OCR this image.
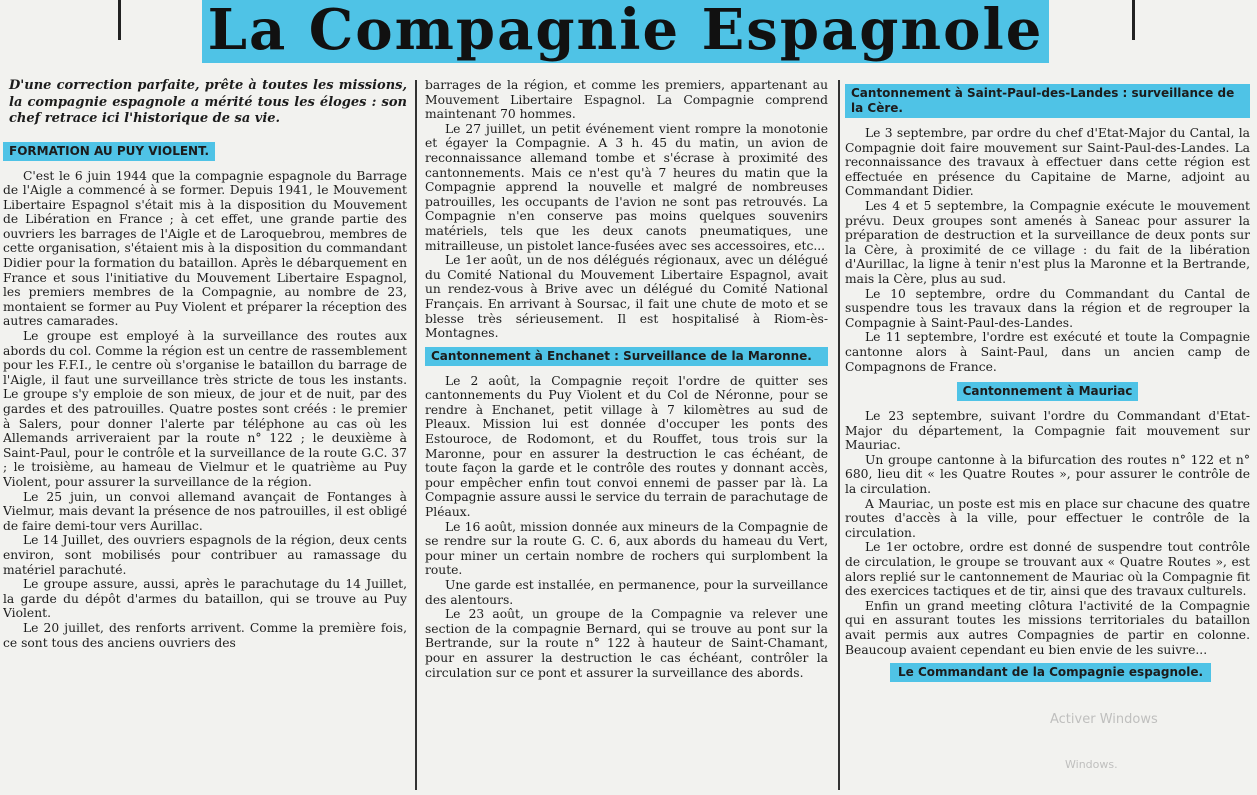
La Compagnie Espagnole

D'une correction parfaite, prête à toutes les missions, la compagnie espagnole a mérité tous les éloges : son chef retrace ici l'historique de sa vie.

FORMATION AU PUY VIOLENT.

C'est le 6 juin 1944 que la compagnie espagnole du Barrage de l'Aigle a commencé à se former. Depuis 1941, le Mouvement Libertaire Espagnol s'était mis à la disposition du Mouvement de Libération en France ; à cet effet, une grande partie des ouvriers les barrages de l'Aigle et de Laroquebrou, membres de cette organisation, s'étaient mis à la disposition du commandant Didier pour la formation du bataillon. Après le débarquement en France et sous l'initiative du Mouvement Libertaire Espagnol, les premiers membres de la Compagnie, au nombre de 23, montaient se former au Puy Violent et préparer la réception des autres camarades.

Le groupe est employé à la surveillance des routes aux abords du col. Comme la région est un centre de rassemblement pour les F.F.I., le centre où s'organise le bataillon du barrage de l'Aigle, il faut une surveillance très stricte de tous les instants. Le groupe s'y emploie de son mieux, de jour et de nuit, par des gardes et des patrouilles. Quatre postes sont créés : le premier à Salers, pour donner l'alerte par téléphone au cas où les Allemands arriveraient par la route n° 122 ; le deuxième à Saint-Paul, pour le contrôle et la surveillance de la route G.C. 37 ; le troisième, au hameau de Vielmur et le quatrième au Puy Violent, pour assurer la surveillance de la région.

Le 25 juin, un convoi allemand avançait de Fontanges à Vielmur, mais devant la présence de nos patrouilles, il est obligé de faire demi-tour vers Aurillac.

Le 14 Juillet, des ouvriers espagnols de la région, deux cents environ, sont mobilisés pour contribuer au ramassage du matériel parachuté.

Le groupe assure, aussi, après le parachutage du 14 Juillet, la garde du dépôt d'armes du bataillon, qui se trouve au Puy Violent.

Le 20 juillet, des renforts arrivent. Comme la première fois, ce sont tous des anciens ouvriers des

barrages de la région, et comme les premiers, appartenant au Mouvement Libertaire Espagnol. La Compagnie comprend maintenant 70 hommes.

Le 27 juillet, un petit événement vient rompre la monotonie et égayer la Compagnie. A 3 h. 45 du matin, un avion de reconnaissance allemand tombe et s'écrase à proximité des cantonnements. Mais ce n'est qu'à 7 heures du matin que la Compagnie apprend la nouvelle et malgré de nombreuses patrouilles, les occupants de l'avion ne sont pas retrouvés. La Compagnie n'en conserve pas moins quelques souvenirs matériels, tels que les deux canots pneumatiques, une mitrailleuse, un pistolet lance-fusées avec ses accessoires, etc...

Le 1er août, un de nos délégués régionaux, avec un délégué du Comité National du Mouvement Libertaire Espagnol, avait un rendez-vous à Brive avec un délégué du Comité National Français. En arrivant à Soursac, il fait une chute de moto et se blesse très sérieusement. Il est hospitalisé à Riom-ès-Montagnes.

Cantonnement à Enchanet : Surveillance de la Maronne.

Le 2 août, la Compagnie reçoit l'ordre de quitter ses cantonnements du Puy Violent et du Col de Néronne, pour se rendre à Enchanet, petit village à 7 kilomètres au sud de Pleaux. Mission lui est donnée d'occuper les ponts des Estouroce, de Rodomont, et du Rouffet, tous trois sur la Maronne, pour en assurer la destruction le cas échéant, de toute façon la garde et le contrôle des routes y donnant accès, pour empêcher enfin tout convoi ennemi de passer par là. La Compagnie assure aussi le service du terrain de parachutage de Pléaux.

Le 16 août, mission donnée aux mineurs de la Compagnie de se rendre sur la route G. C. 6, aux abords du hameau du Vert, pour miner un certain nombre de rochers qui surplombent la route.

Une garde est installée, en permanence, pour la surveillance des alentours.

Le 23 août, un groupe de la Compagnie va relever une section de la compagnie Bernard, qui se trouve au pont sur la Bertrande, sur la route n° 122 à hauteur de Saint-Chamant, pour en assurer la destruction le cas échéant, contrôler la circulation sur ce pont et assurer la surveillance des abords.

Cantonnement à Saint-Paul-des-Landes : surveillance de la Cère.

Le 3 septembre, par ordre du chef d'Etat-Major du Cantal, la Compagnie doit faire mouvement sur Saint-Paul-des-Landes. La reconnaissance des travaux à effectuer dans cette région est effectuée en présence du Capitaine de Marne, adjoint au Commandant Didier.

Les 4 et 5 septembre, la Compagnie exécute le mouvement prévu. Deux groupes sont amenés à Saneac pour assurer la préparation de destruction et la surveillance de deux ponts sur la Cère, à proximité de ce village : du fait de la libération d'Aurillac, la ligne à tenir n'est plus la Maronne et la Bertrande, mais la Cère, plus au sud.

Le 10 septembre, ordre du Commandant du Cantal de suspendre tous les travaux dans la région et de regrouper la Compagnie à Saint-Paul-des-Landes.

Le 11 septembre, l'ordre est exécuté et toute la Compagnie cantonne alors à Saint-Paul, dans un ancien camp de Compagnons de France.

Cantonnement à Mauriac

Le 23 septembre, suivant l'ordre du Commandant d'Etat-Major du département, la Compagnie fait mouvement sur Mauriac.

Un groupe cantonne à la bifurcation des routes n° 122 et n° 680, lieu dit « les Quatre Routes », pour assurer le contrôle de la circulation.

A Mauriac, un poste est mis en place sur chacune des quatre routes d'accès à la ville, pour effectuer le contrôle de la circulation.

Le 1er octobre, ordre est donné de suspendre tout contrôle de circulation, le groupe se trouvant aux « Quatre Routes », est alors replié sur le cantonnement de Mauriac où la Compagnie fit des exercices tactiques et de tir, ainsi que des travaux culturels.

Enfin un grand meeting clôtura l'activité de la Compagnie qui en assurant toutes les missions territoriales du bataillon avait permis aux autres Compagnies de partir en colonne. Beaucoup avaient cependant eu bien envie de les suivre...

Le Commandant de la Compagnie espagnole.
Activer Windows
Windows.
